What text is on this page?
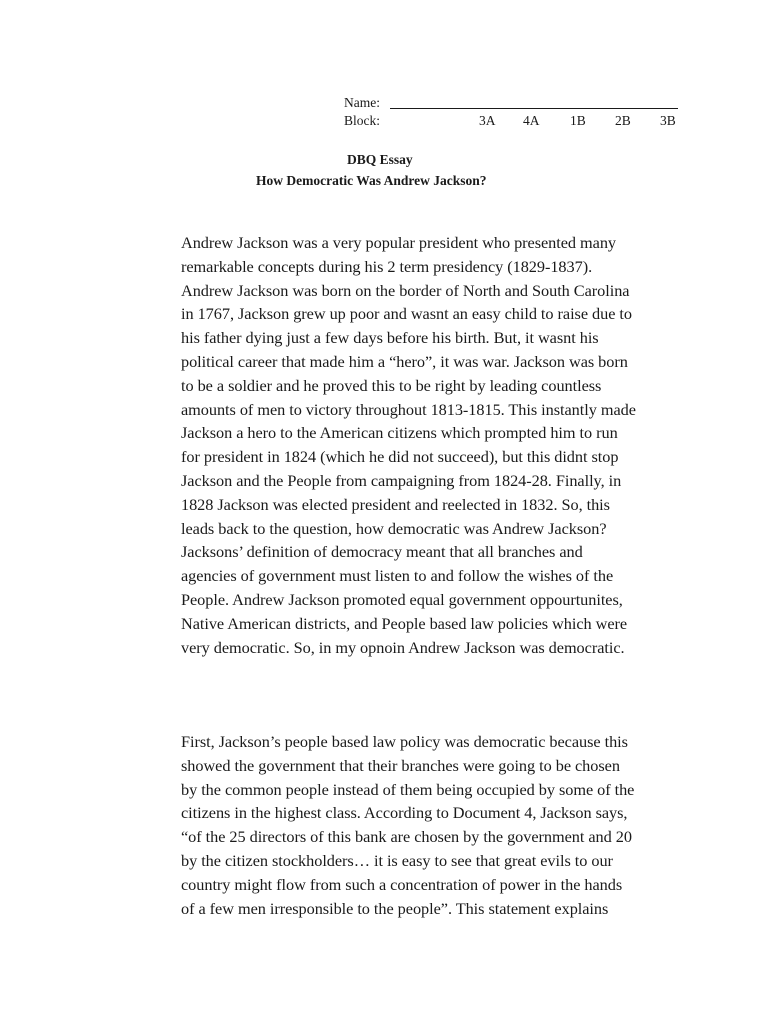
Name:
Block:	3A 4A 1B 2B 3B
DBQ Essay
How Democratic Was Andrew Jackson?
Andrew Jackson was a very popular president who presented many
remarkable concepts during his 2 term presidency (1829-1837).
Andrew Jackson was born on the border of North and South Carolina
in 1767, Jackson grew up poor and wasnt an easy child to raise due to
his father dying just a few days before his birth. But, it wasnt his
political career that made him a “hero”, it was war. Jackson was born
to be a soldier and he proved this to be right by leading countless
amounts of men to victory throughout 1813-1815. This instantly made
Jackson a hero to the American citizens which prompted him to run
for president in 1824 (which he did not succeed), but this didnt stop
Jackson and the People from campaigning from 1824-28. Finally, in
1828 Jackson was elected president and reelected in 1832. So, this
leads back to the question, how democratic was Andrew Jackson?
Jacksons’ definition of democracy meant that all branches and
agencies of government must listen to and follow the wishes of the
People. Andrew Jackson promoted equal government oppourtunites,
Native American districts, and People based law policies which were
very democratic. So, in my opnoin Andrew Jackson was democratic.
First, Jackson’s people based law policy was democratic because this
showed the government that their branches were going to be chosen
by the common people instead of them being occupied by some of the
citizens in the highest class. According to Document 4, Jackson says,
“of the 25 directors of this bank are chosen by the government and 20
by the citizen stockholders… it is easy to see that great evils to our
country might flow from such a concentration of power in the hands
of a few men irresponsible to the people”. This statement explains
